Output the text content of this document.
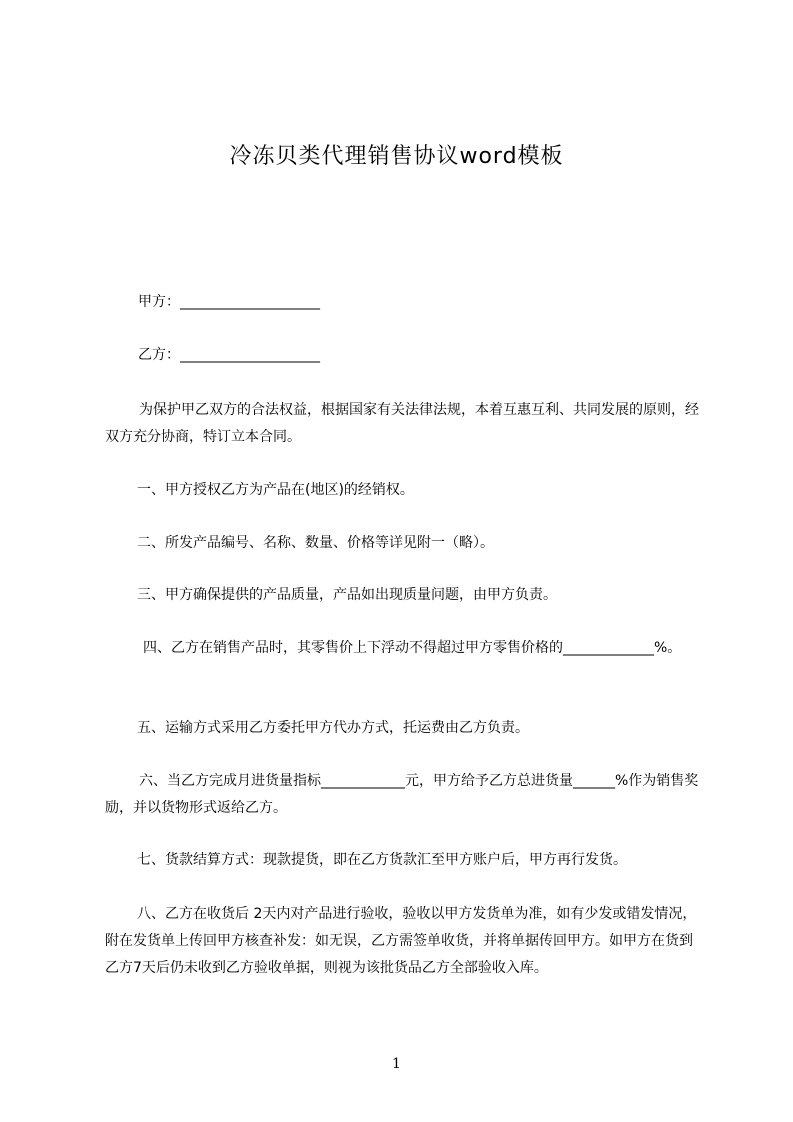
冷冻贝类代理销售协议word模板
甲方：____________________
乙方：____________________
为保护甲乙双方的合法权益，根据国家有关法律法规，本着互惠互利、共同发展的原则，经双方充分协商，特订立本合同。
一、甲方授权乙方为产品在(地区)的经销权。
二、所发产品编号、名称、数量、价格等详见附一（略）。
三、甲方确保提供的产品质量，产品如出现质量问题，由甲方负责。
四、乙方在销售产品时，其零售价上下浮动不得超过甲方零售价格的_____________%。
五、运输方式采用乙方委托甲方代办方式，托运费由乙方负责。
六、当乙方完成月进货量指标____________元，甲方给予乙方总进货量______%作为销售奖励，并以货物形式返给乙方。
七、货款结算方式：现款提货，即在乙方货款汇至甲方账户后，甲方再行发货。
八、乙方在收货后 2天内对产品进行验收，验收以甲方发货单为准，如有少发或错发情况，附在发货单上传回甲方核查补发：如无误，乙方需签单收货，并将单据传回甲方。如甲方在货到乙方7天后仍未收到乙方验收单据，则视为该批货品乙方全部验收入库。
1
